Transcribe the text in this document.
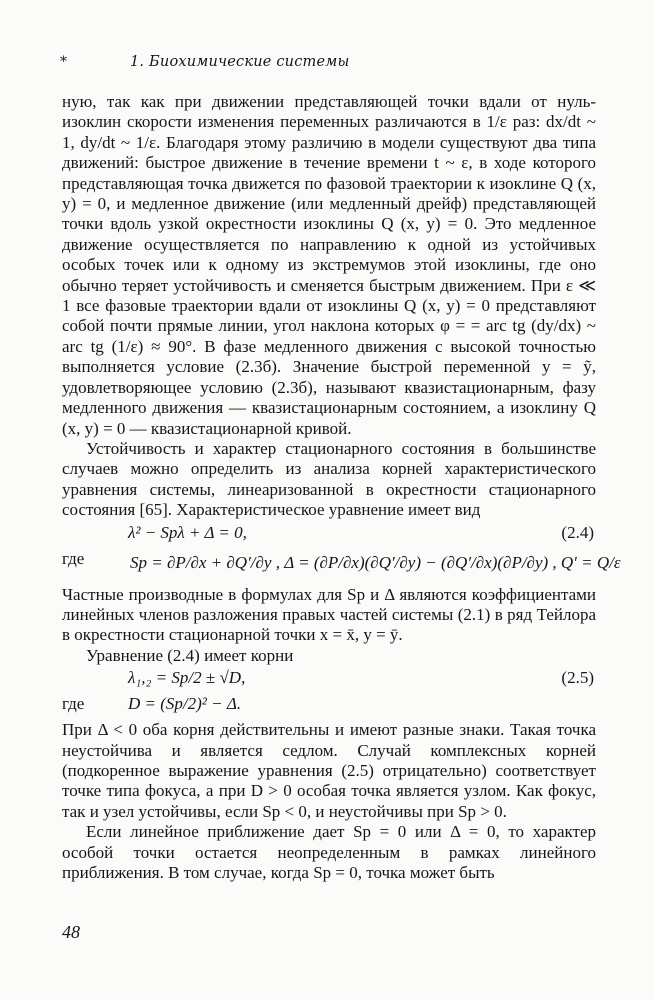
*	1. Биохимические системы

ную, так как при движении представляющей точки вдали от нуль-изоклин скорости изменения переменных различаются в 1/ε раз: dx/dt ~ 1, dy/dt ~ 1/ε. Благодаря этому различию в модели существуют два типа движений: быстрое движение в течение времени t ~ ε, в ходе которого представляющая точка движется по фазовой траектории к изоклине Q (x, y) = 0, и медленное движение (или медленный дрейф) представляющей точки вдоль узкой окрестности изоклины Q (x, y) = 0. Это медленное движение осуществляется по направлению к одной из устойчивых особых точек или к одному из экстремумов этой изоклины, где оно обычно теряет устойчивость и сменяется быстрым движением. При ε ≪ 1 все фазовые траектории вдали от изоклины Q (x, y) = 0 представляют собой почти прямые линии, угол наклона которых φ = = arc tg (dy/dx) ~ arc tg (1/ε) ≈ 90°. В фазе медленного движения с высокой точностью выполняется условие (2.3б). Значение быстрой переменной y = ỹ, удовлетворяющее условию (2.3б), называют квазистационарным, фазу медленного движения — квазистационарным состоянием, а изоклину Q (x, y) = 0 — квазистационарной кривой.

Устойчивость и характер стационарного состояния в большинстве случаев можно определить из анализа корней характеристического уравнения системы, линеаризованной в окрестности стационарного состояния [65]. Характеристическое уравнение имеет вид

λ² − Spλ + Δ = 0,	(2.4)
где	Sp = ∂P/∂x + ∂Q′/∂y , Δ = (∂P/∂x)(∂Q′/∂y) − (∂Q′/∂x)(∂P/∂y) , Q′ = Q/ε

Частные производные в формулах для Sp и Δ являются коэффициентами линейных членов разложения правых частей системы (2.1) в ряд Тейлора в окрестности стационарной точки x = x̄, y = ȳ.

Уравнение (2.4) имеет корни

λ₁,₂ = Sp/2 ± √D,	(2.5)
где	D = (Sp/2)² − Δ.

При Δ < 0 оба корня действительны и имеют разные знаки. Такая точка неустойчива и является седлом. Случай комплексных корней (подкоренное выражение уравнения (2.5) отрицательно) соответствует точке типа фокуса, а при D > 0 особая точка является узлом. Как фокус, так и узел устойчивы, если Sp < 0, и неустойчивы при Sp > 0.

Если линейное приближение дает Sp = 0 или Δ = 0, то характер особой точки остается неопределенным в рамках линейного приближения. В том случае, когда Sp = 0, точка может быть

48
